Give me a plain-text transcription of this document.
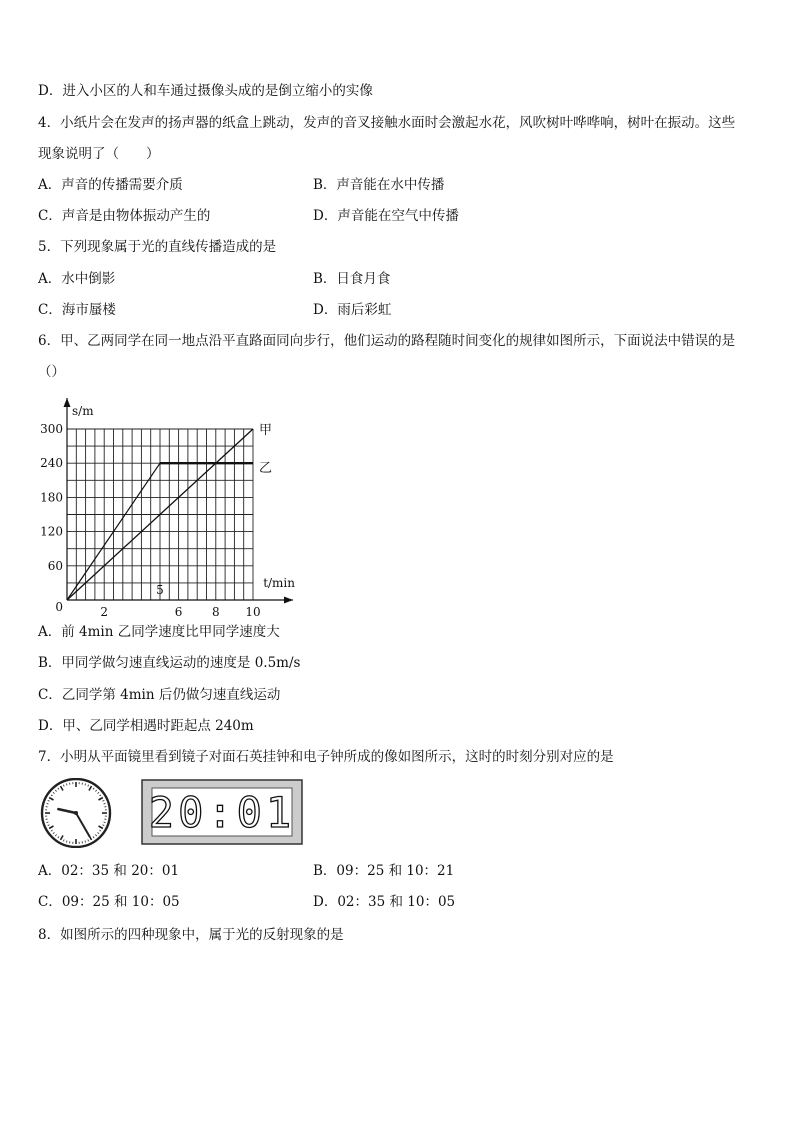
D．进入小区的人和车通过摄像头成的是倒立缩小的实像
4．小纸片会在发声的扬声器的纸盒上跳动，发声的音叉接触水面时会激起水花，风吹树叶哗哗响，树叶在振动。这些
现象说明了（　　）
A．声音的传播需要介质	B．声音能在水中传播
C．声音是由物体振动产生的	D．声音能在空气中传播
5．下列现象属于光的直线传播造成的是
A．水中倒影	B．日食月食
C．海市蜃楼	D．雨后彩虹
6．甲、乙两同学在同一地点沿平直路面同向步行，他们运动的路程随时间变化的规律如图所示，下面说法中错误的是
（）
60
120
180
240
300
2	6 8 10
5
0
s/m
t/min
甲
乙
A．前 4min 乙同学速度比甲同学速度大
B．甲同学做匀速直线运动的速度是 0.5m/s
C．乙同学第 4min 后仍做匀速直线运动
D．甲、乙同学相遇时距起点 240m
7．小明从平面镜里看到镜子对面石英挂钟和电子钟所成的像如图所示，这时的时刻分别对应的是
20:01
A．02：35 和 20：01	B．09：25 和 10：21
C．09：25 和 10：05	D．02：35 和 10：05
8．如图所示的四种现象中，属于光的反射现象的是
